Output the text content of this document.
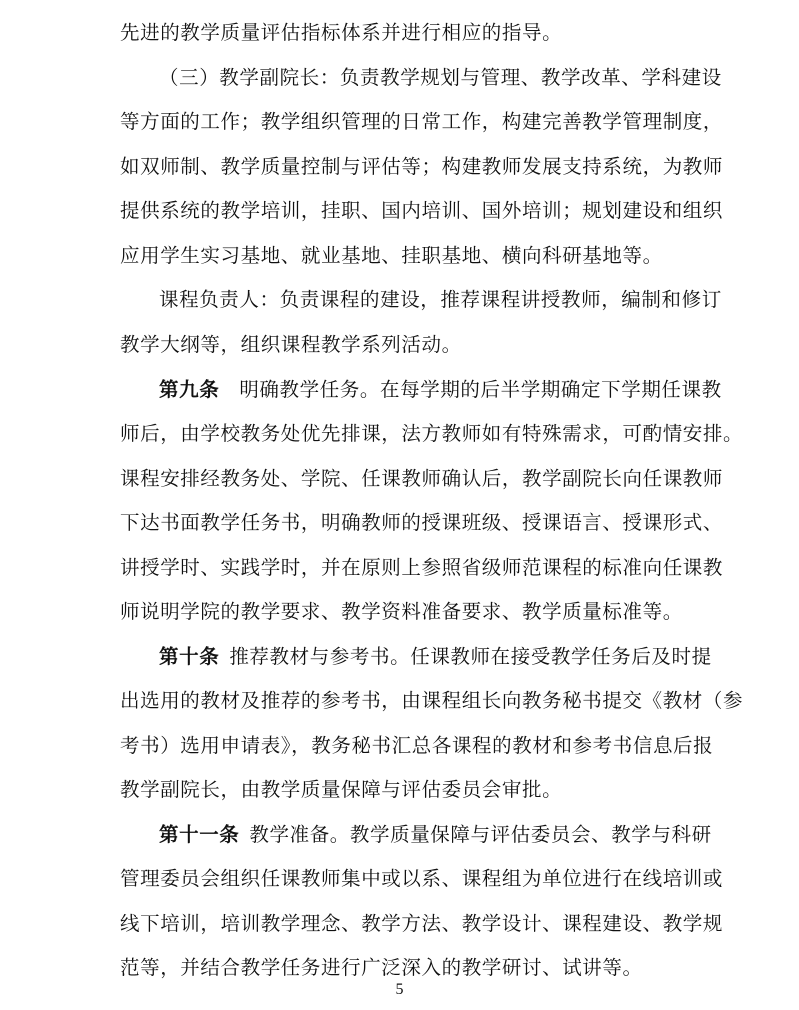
先进的教学质量评估指标体系并进行相应的指导。
（三）教学副院长：负责教学规划与管理、教学改革、学科建设
等方面的工作；教学组织管理的日常工作，构建完善教学管理制度，
如双师制、教学质量控制与评估等；构建教师发展支持系统，为教师
提供系统的教学培训，挂职、国内培训、国外培训；规划建设和组织
应用学生实习基地、就业基地、挂职基地、横向科研基地等。
课程负责人：负责课程的建设，推荐课程讲授教师，编制和修订
教学大纲等，组织课程教学系列活动。
第九条 明确教学任务。在每学期的后半学期确定下学期任课教
师后，由学校教务处优先排课，法方教师如有特殊需求，可酌情安排。
课程安排经教务处、学院、任课教师确认后，教学副院长向任课教师
下达书面教学任务书，明确教师的授课班级、授课语言、授课形式、
讲授学时、实践学时，并在原则上参照省级师范课程的标准向任课教
师说明学院的教学要求、教学资料准备要求、教学质量标准等。
第十条 推荐教材与参考书。任课教师在接受教学任务后及时提
出选用的教材及推荐的参考书，由课程组长向教务秘书提交《教材（参
考书）选用申请表》，教务秘书汇总各课程的教材和参考书信息后报
教学副院长，由教学质量保障与评估委员会审批。
第十一条 教学准备。教学质量保障与评估委员会、教学与科研
管理委员会组织任课教师集中或以系、课程组为单位进行在线培训或
线下培训，培训教学理念、教学方法、教学设计、课程建设、教学规
范等，并结合教学任务进行广泛深入的教学研讨、试讲等。
5
